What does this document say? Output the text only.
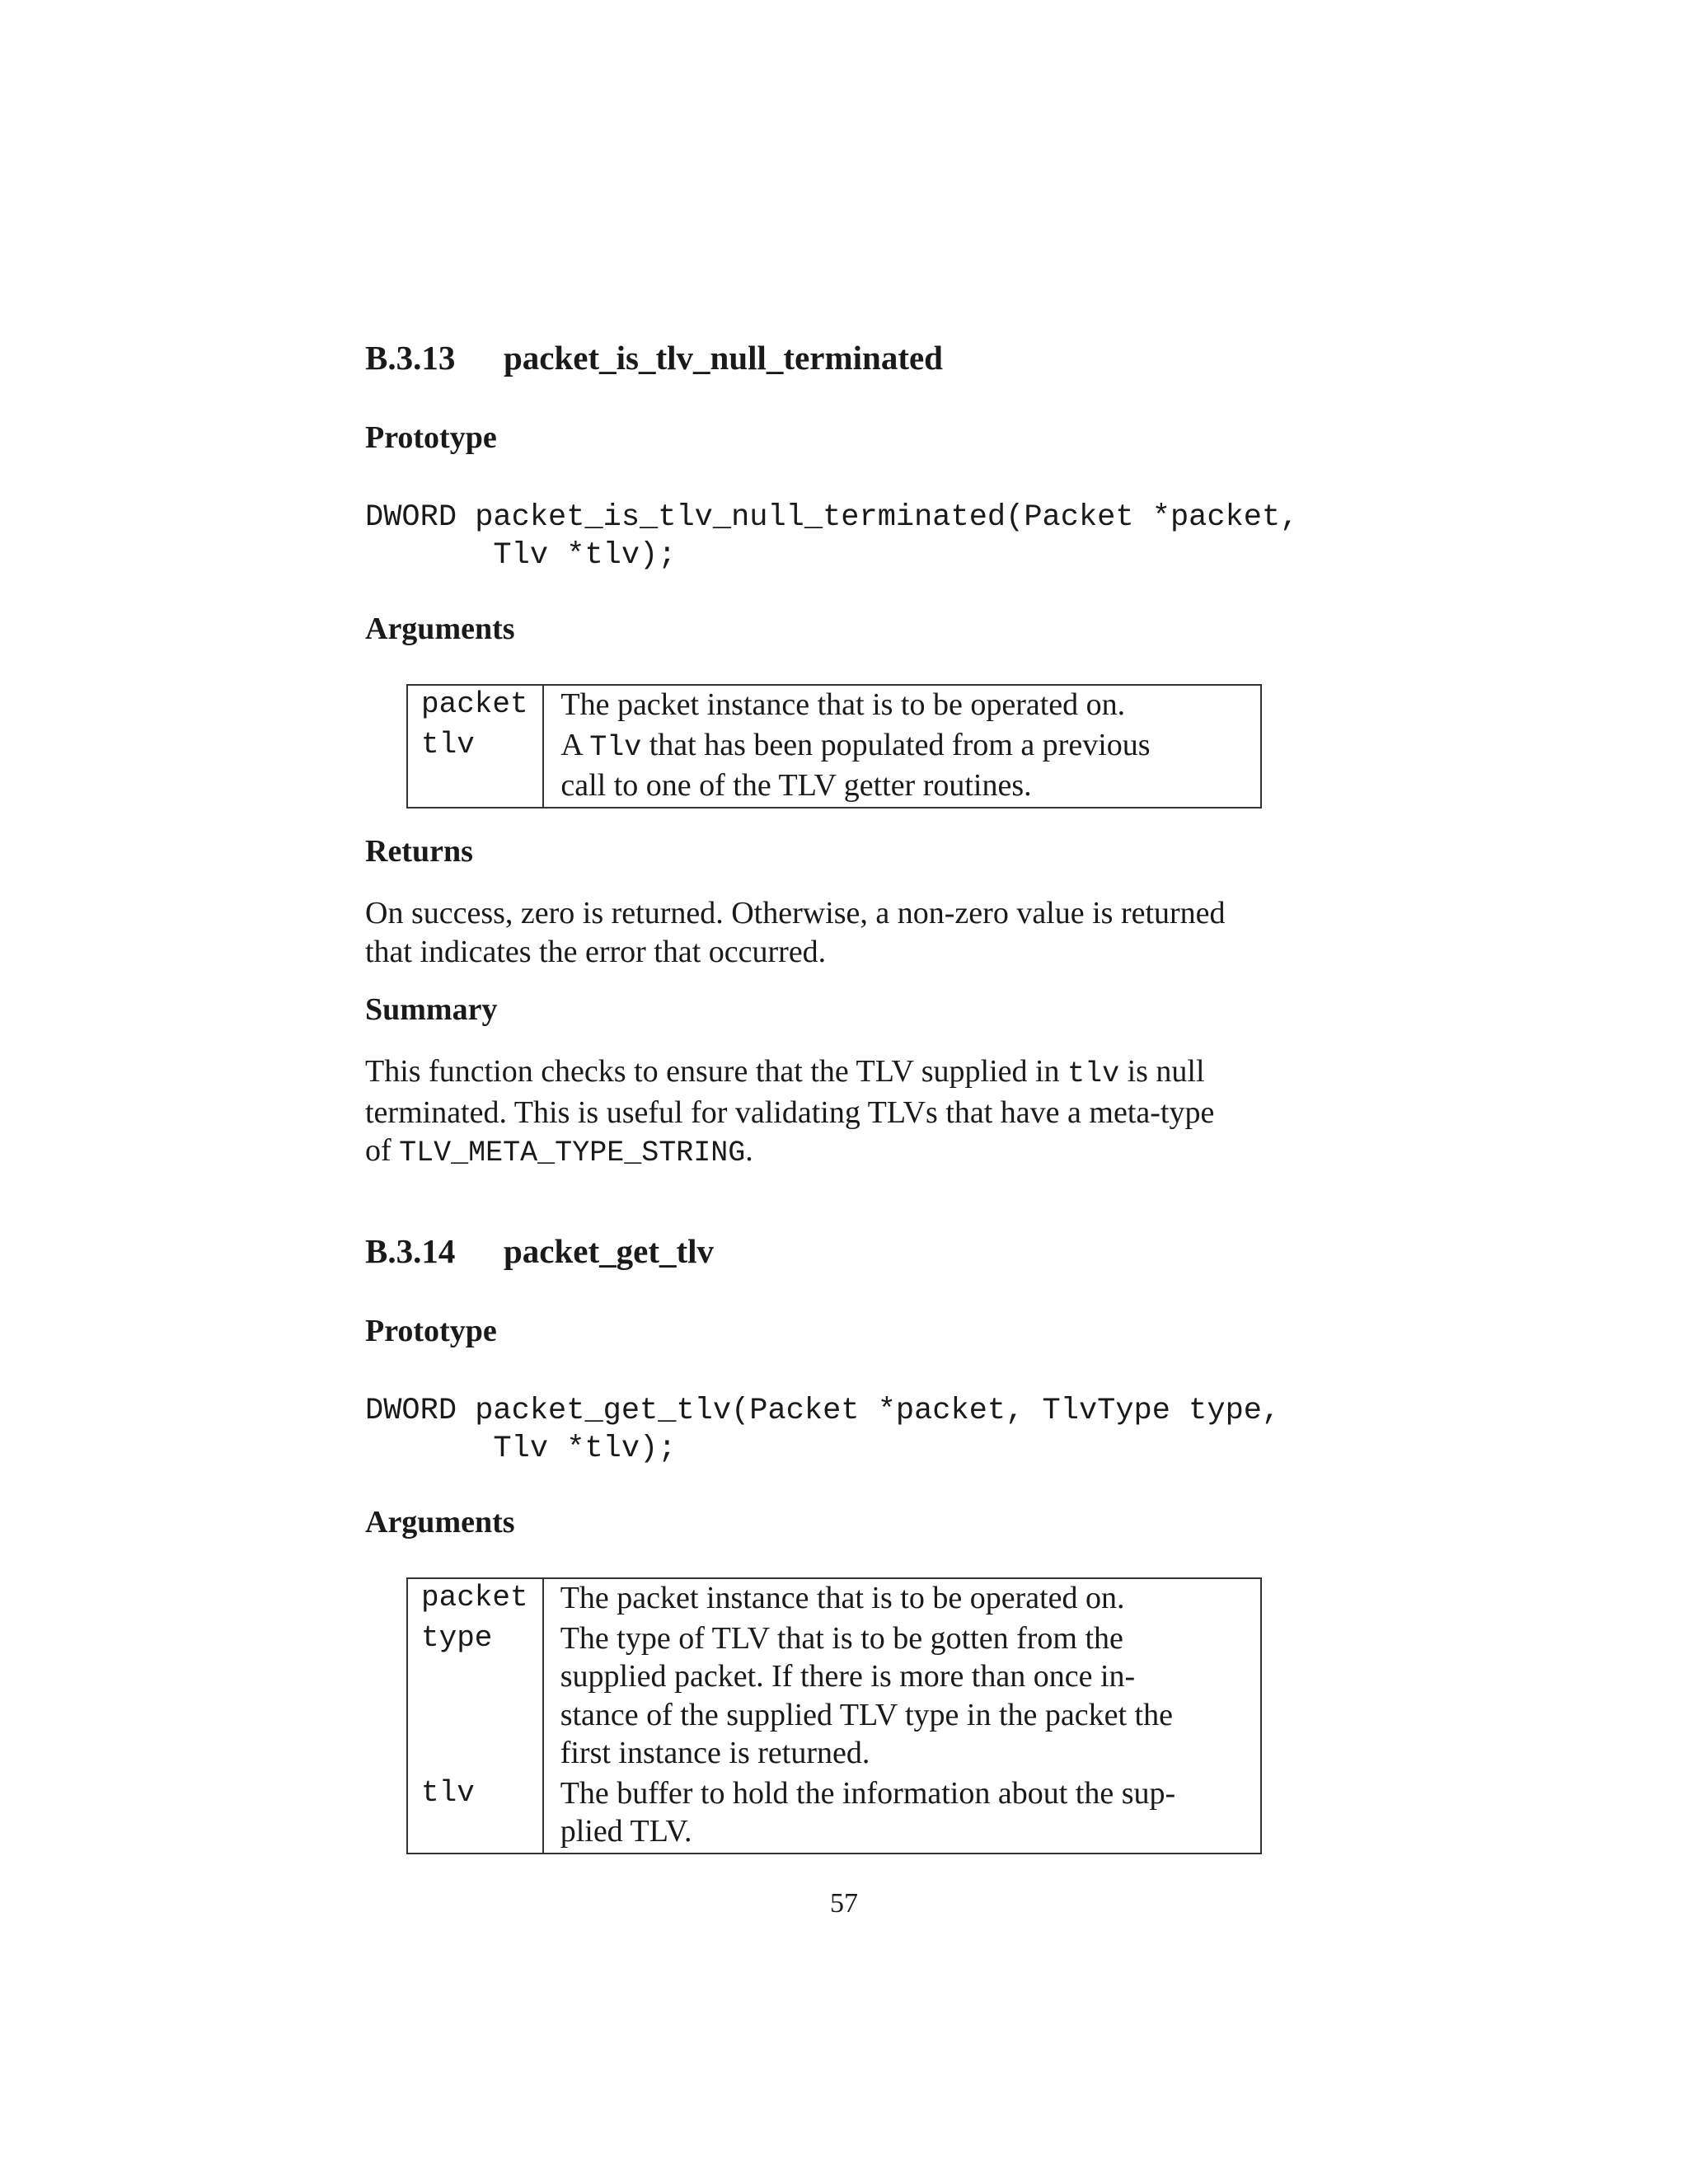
B.3.13 packet_is_tlv_null_terminated
Prototype
DWORD packet_is_tlv_null_terminated(Packet *packet,
Tlv *tlv);
Arguments
packet	The packet instance that is to be operated on.

tlv	A Tlv that has been populated from a previous
call to one of the TLV getter routines.
Returns
On success, zero is returned. Otherwise, a non-zero value is returned
that indicates the error that occurred.
Summary
This function checks to ensure that the TLV supplied in tlv is null
terminated. This is useful for validating TLVs that have a meta-type
of TLV_META_TYPE_STRING.
B.3.14 packet_get_tlv
Prototype
DWORD packet_get_tlv(Packet *packet, TlvType type,
Tlv *tlv);
Arguments
packet	The packet instance that is to be operated on.

type	The type of TLV that is to be gotten from the
supplied packet. If there is more than once in-
stance of the supplied TLV type in the packet the
first instance is returned.

tlv	The buffer to hold the information about the sup-
plied TLV.
57
